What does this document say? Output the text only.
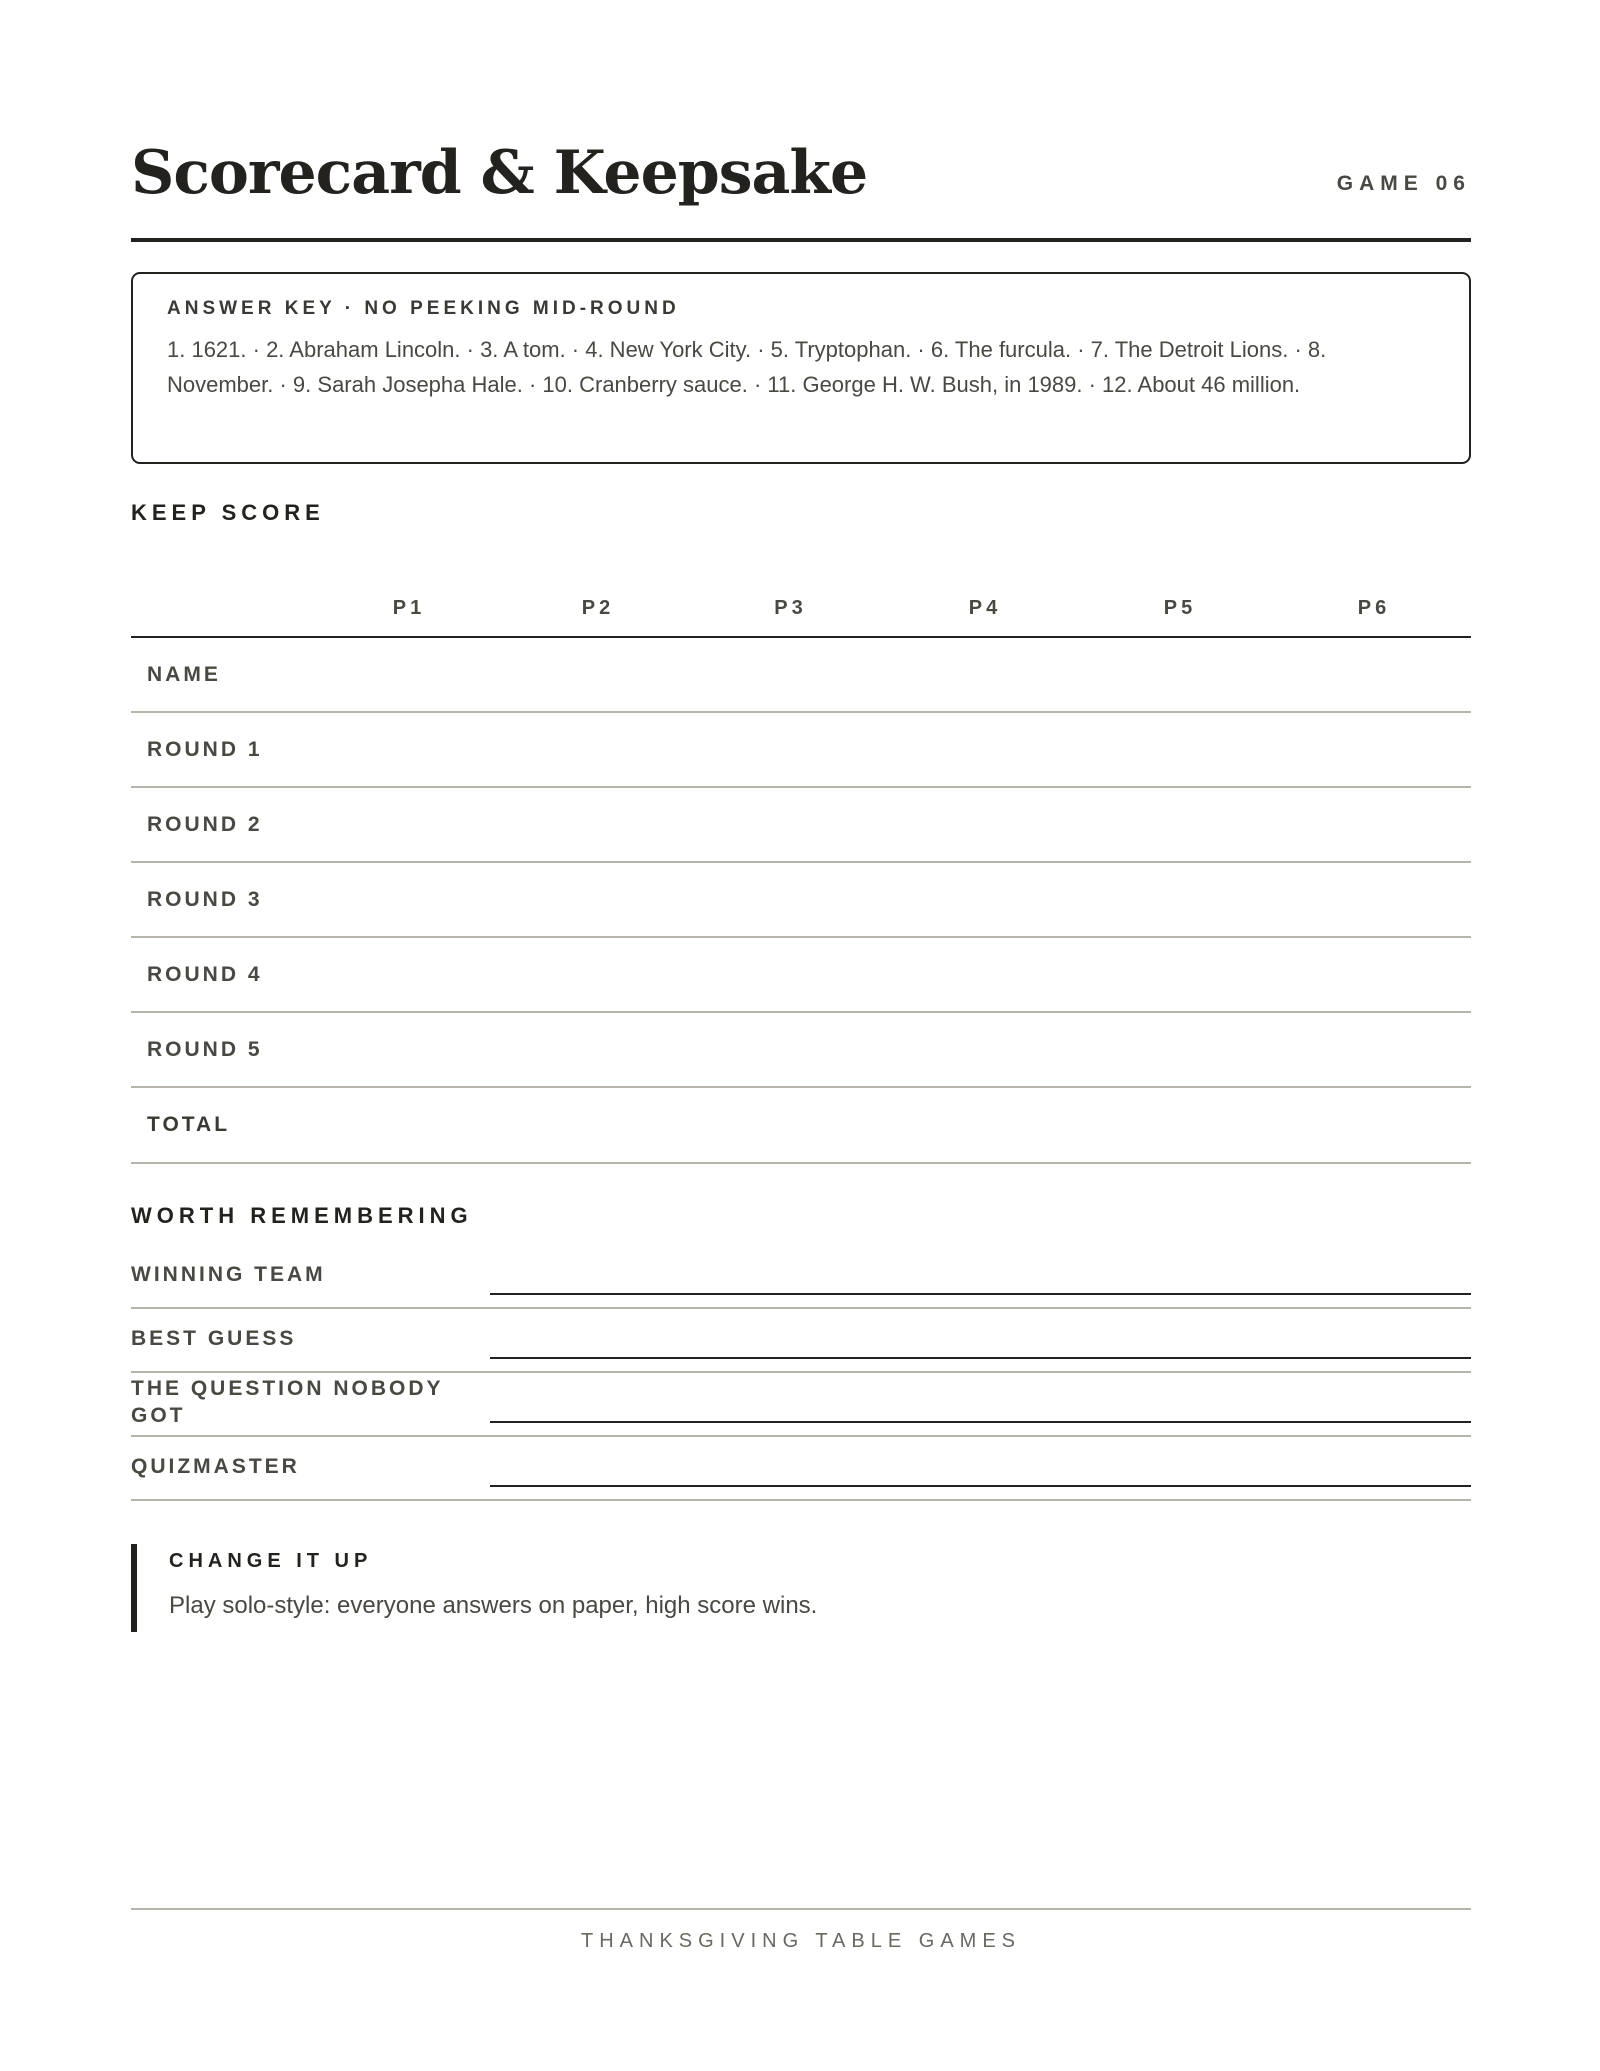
Scorecard & Keepsake	GAME 06
ANSWER KEY · NO PEEKING MID-ROUND
1. 1621. · 2. Abraham Lincoln. · 3. A tom. · 4. New York City. · 5. Tryptophan. · 6. The furcula. · 7. The Detroit Lions. · 8. November. · 9. Sarah Josepha Hale. · 10. Cranberry sauce. · 11. George H. W. Bush, in 1989. · 12. About 46 million.
KEEP SCORE
	P1	P2	P3	P4	P5	P6
NAME						
ROUND 1						
ROUND 2						
ROUND 3						
ROUND 4						
ROUND 5						
TOTAL						
WORTH REMEMBERING
WINNING TEAM
BEST GUESS
THE QUESTION NOBODY GOT
QUIZMASTER
CHANGE IT UP
Play solo-style: everyone answers on paper, high score wins.
THANKSGIVING TABLE GAMES
